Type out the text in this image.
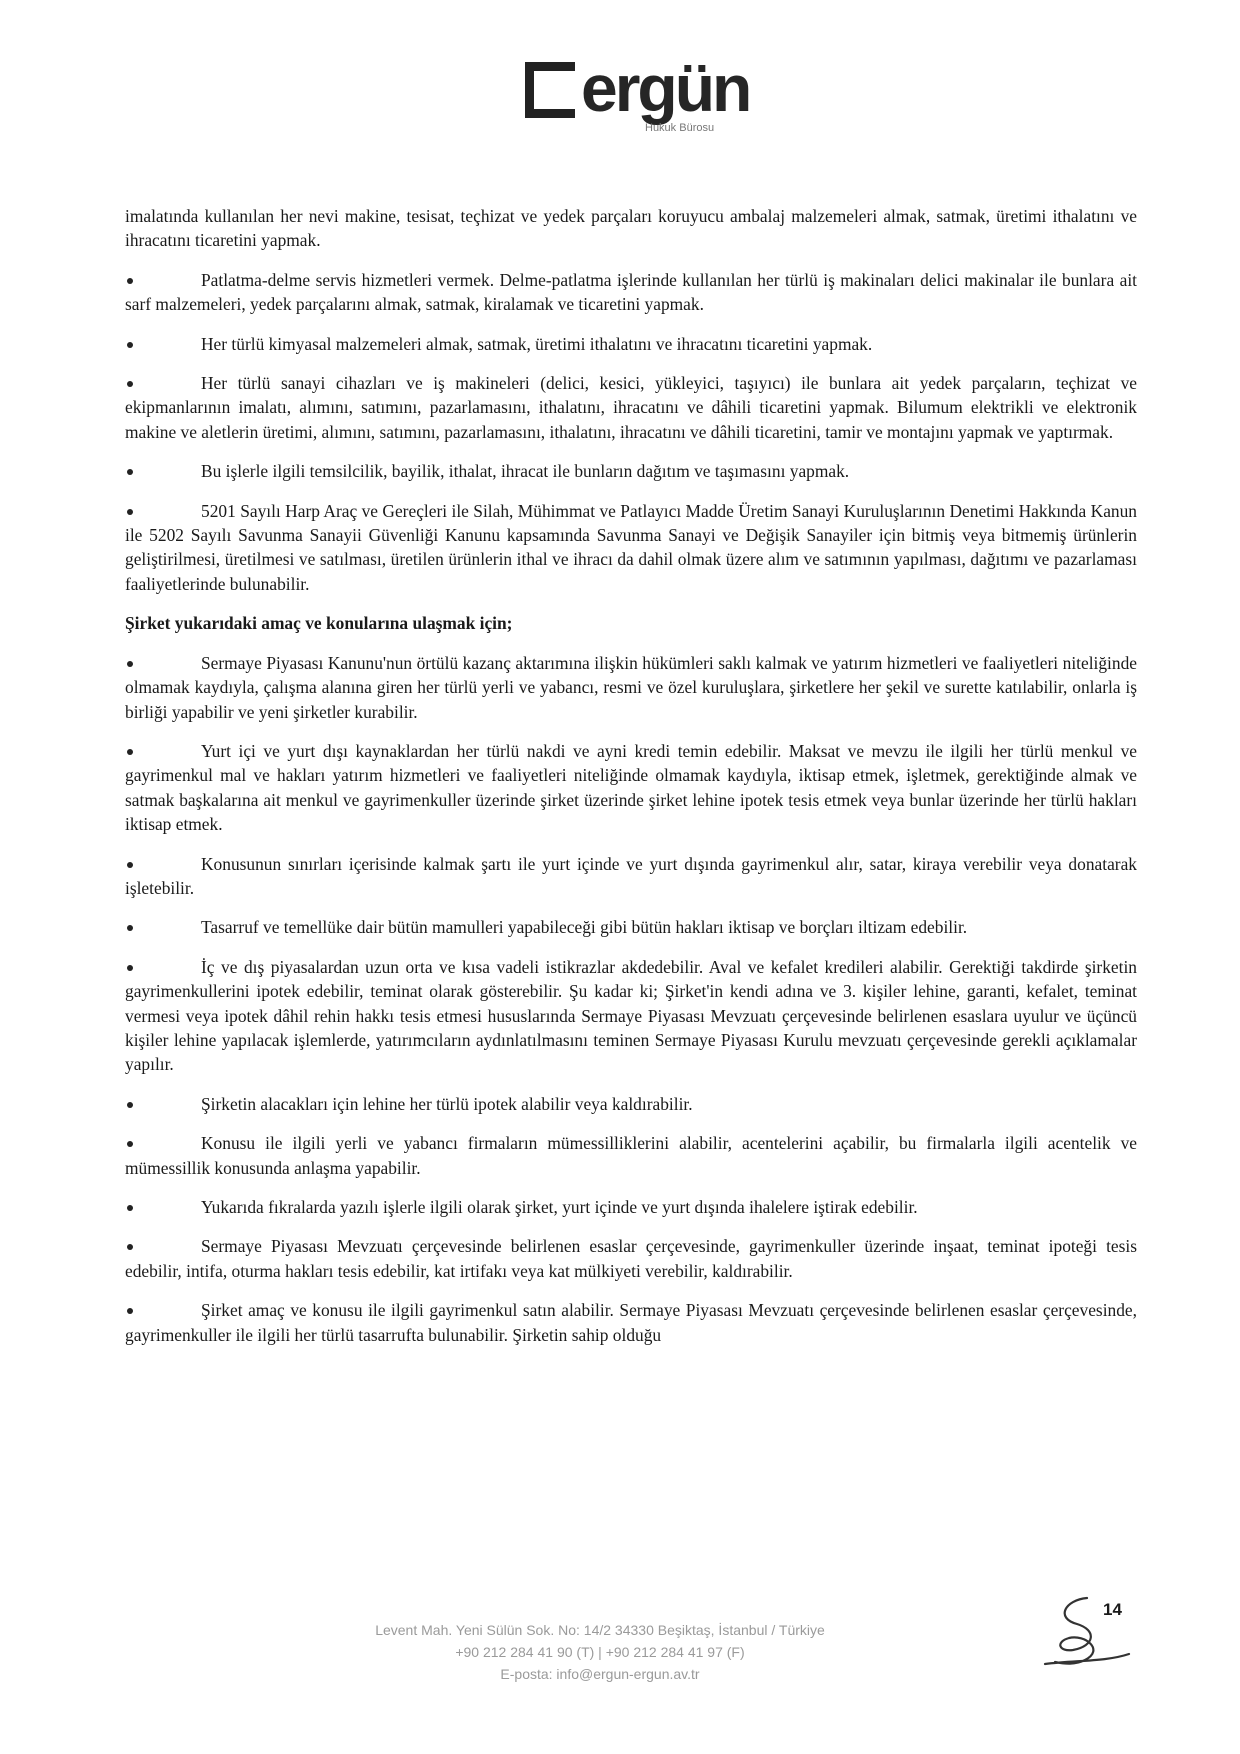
ergün
Hukuk Bürosu

imalatında kullanılan her nevi makine, tesisat, teçhizat ve yedek parçaları koruyucu ambalaj malzemeleri almak, satmak, üretimi ithalatını ve ihracatını ticaretini yapmak.

Patlatma-delme servis hizmetleri vermek. Delme-patlatma işlerinde kullanılan her türlü iş makinaları delici makinalar ile bunlara ait sarf malzemeleri, yedek parçalarını almak, satmak, kiralamak ve ticaretini yapmak.

Her türlü kimyasal malzemeleri almak, satmak, üretimi ithalatını ve ihracatını ticaretini yapmak.

Her türlü sanayi cihazları ve iş makineleri (delici, kesici, yükleyici, taşıyıcı) ile bunlara ait yedek parçaların, teçhizat ve ekipmanlarının imalatı, alımını, satımını, pazarlamasını, ithalatını, ihracatını ve dâhili ticaretini yapmak. Bilumum elektrikli ve elektronik makine ve aletlerin üretimi, alımını, satımını, pazarlamasını, ithalatını, ihracatını ve dâhili ticaretini, tamir ve montajını yapmak ve yaptırmak.

Bu işlerle ilgili temsilcilik, bayilik, ithalat, ihracat ile bunların dağıtım ve taşımasını yapmak.

5201 Sayılı Harp Araç ve Gereçleri ile Silah, Mühimmat ve Patlayıcı Madde Üretim Sanayi Kuruluşlarının Denetimi Hakkında Kanun ile 5202 Sayılı Savunma Sanayii Güvenliği Kanunu kapsamında Savunma Sanayi ve Değişik Sanayiler için bitmiş veya bitmemiş ürünlerin geliştirilmesi, üretilmesi ve satılması, üretilen ürünlerin ithal ve ihracı da dahil olmak üzere alım ve satımının yapılması, dağıtımı ve pazarlaması faaliyetlerinde bulunabilir.

Şirket yukarıdaki amaç ve konularına ulaşmak için;

Sermaye Piyasası Kanunu'nun örtülü kazanç aktarımına ilişkin hükümleri saklı kalmak ve yatırım hizmetleri ve faaliyetleri niteliğinde olmamak kaydıyla, çalışma alanına giren her türlü yerli ve yabancı, resmi ve özel kuruluşlara, şirketlere her şekil ve surette katılabilir, onlarla iş birliği yapabilir ve yeni şirketler kurabilir.

Yurt içi ve yurt dışı kaynaklardan her türlü nakdi ve ayni kredi temin edebilir. Maksat ve mevzu ile ilgili her türlü menkul ve gayrimenkul mal ve hakları yatırım hizmetleri ve faaliyetleri niteliğinde olmamak kaydıyla, iktisap etmek, işletmek, gerektiğinde almak ve satmak başkalarına ait menkul ve gayrimenkuller üzerinde şirket üzerinde şirket lehine ipotek tesis etmek veya bunlar üzerinde her türlü hakları iktisap etmek.

Konusunun sınırları içerisinde kalmak şartı ile yurt içinde ve yurt dışında gayrimenkul alır, satar, kiraya verebilir veya donatarak işletebilir.

Tasarruf ve temellüke dair bütün mamulleri yapabileceği gibi bütün hakları iktisap ve borçları iltizam edebilir.

İç ve dış piyasalardan uzun orta ve kısa vadeli istikrazlar akdedebilir. Aval ve kefalet kredileri alabilir. Gerektiği takdirde şirketin gayrimenkullerini ipotek edebilir, teminat olarak gösterebilir. Şu kadar ki; Şirket'in kendi adına ve 3. kişiler lehine, garanti, kefalet, teminat vermesi veya ipotek dâhil rehin hakkı tesis etmesi hususlarında Sermaye Piyasası Mevzuatı çerçevesinde belirlenen esaslara uyulur ve üçüncü kişiler lehine yapılacak işlemlerde, yatırımcıların aydınlatılmasını teminen Sermaye Piyasası Kurulu mevzuatı çerçevesinde gerekli açıklamalar yapılır.

Şirketin alacakları için lehine her türlü ipotek alabilir veya kaldırabilir.

Konusu ile ilgili yerli ve yabancı firmaların mümessilliklerini alabilir, acentelerini açabilir, bu firmalarla ilgili acentelik ve mümessillik konusunda anlaşma yapabilir.

Yukarıda fıkralarda yazılı işlerle ilgili olarak şirket, yurt içinde ve yurt dışında ihalelere iştirak edebilir.

Sermaye Piyasası Mevzuatı çerçevesinde belirlenen esaslar çerçevesinde, gayrimenkuller üzerinde inşaat, teminat ipoteği tesis edebilir, intifa, oturma hakları tesis edebilir, kat irtifakı veya kat mülkiyeti verebilir, kaldırabilir.

Şirket amaç ve konusu ile ilgili gayrimenkul satın alabilir. Sermaye Piyasası Mevzuatı çerçevesinde belirlenen esaslar çerçevesinde, gayrimenkuller ile ilgili her türlü tasarrufta bulunabilir. Şirketin sahip olduğu

14
Levent Mah. Yeni Sülün Sok. No: 14/2 34330 Beşiktaş, İstanbul / Türkiye
+90 212 284 41 90 (T) | +90 212 284 41 97 (F)
E-posta: info@ergun-ergun.av.tr
